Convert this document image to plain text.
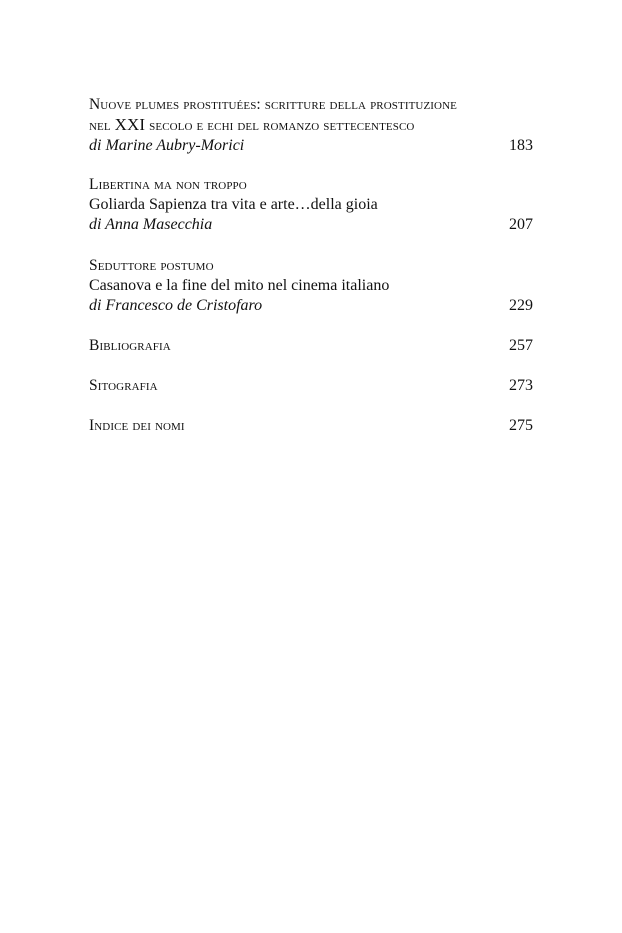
Nuove plumes prostituées: scritture della prostituzione
nel XXI secolo e echi del romanzo settecentesco
di Marine Aubry-Morici	183
Libertina ma non troppo
Goliarda Sapienza tra vita e arte…della gioia
di Anna Masecchia	207
Seduttore postumo
Casanova e la fine del mito nel cinema italiano
di Francesco de Cristofaro	229
Bibliografia	257
Sitografia	273
Indice dei nomi	275
